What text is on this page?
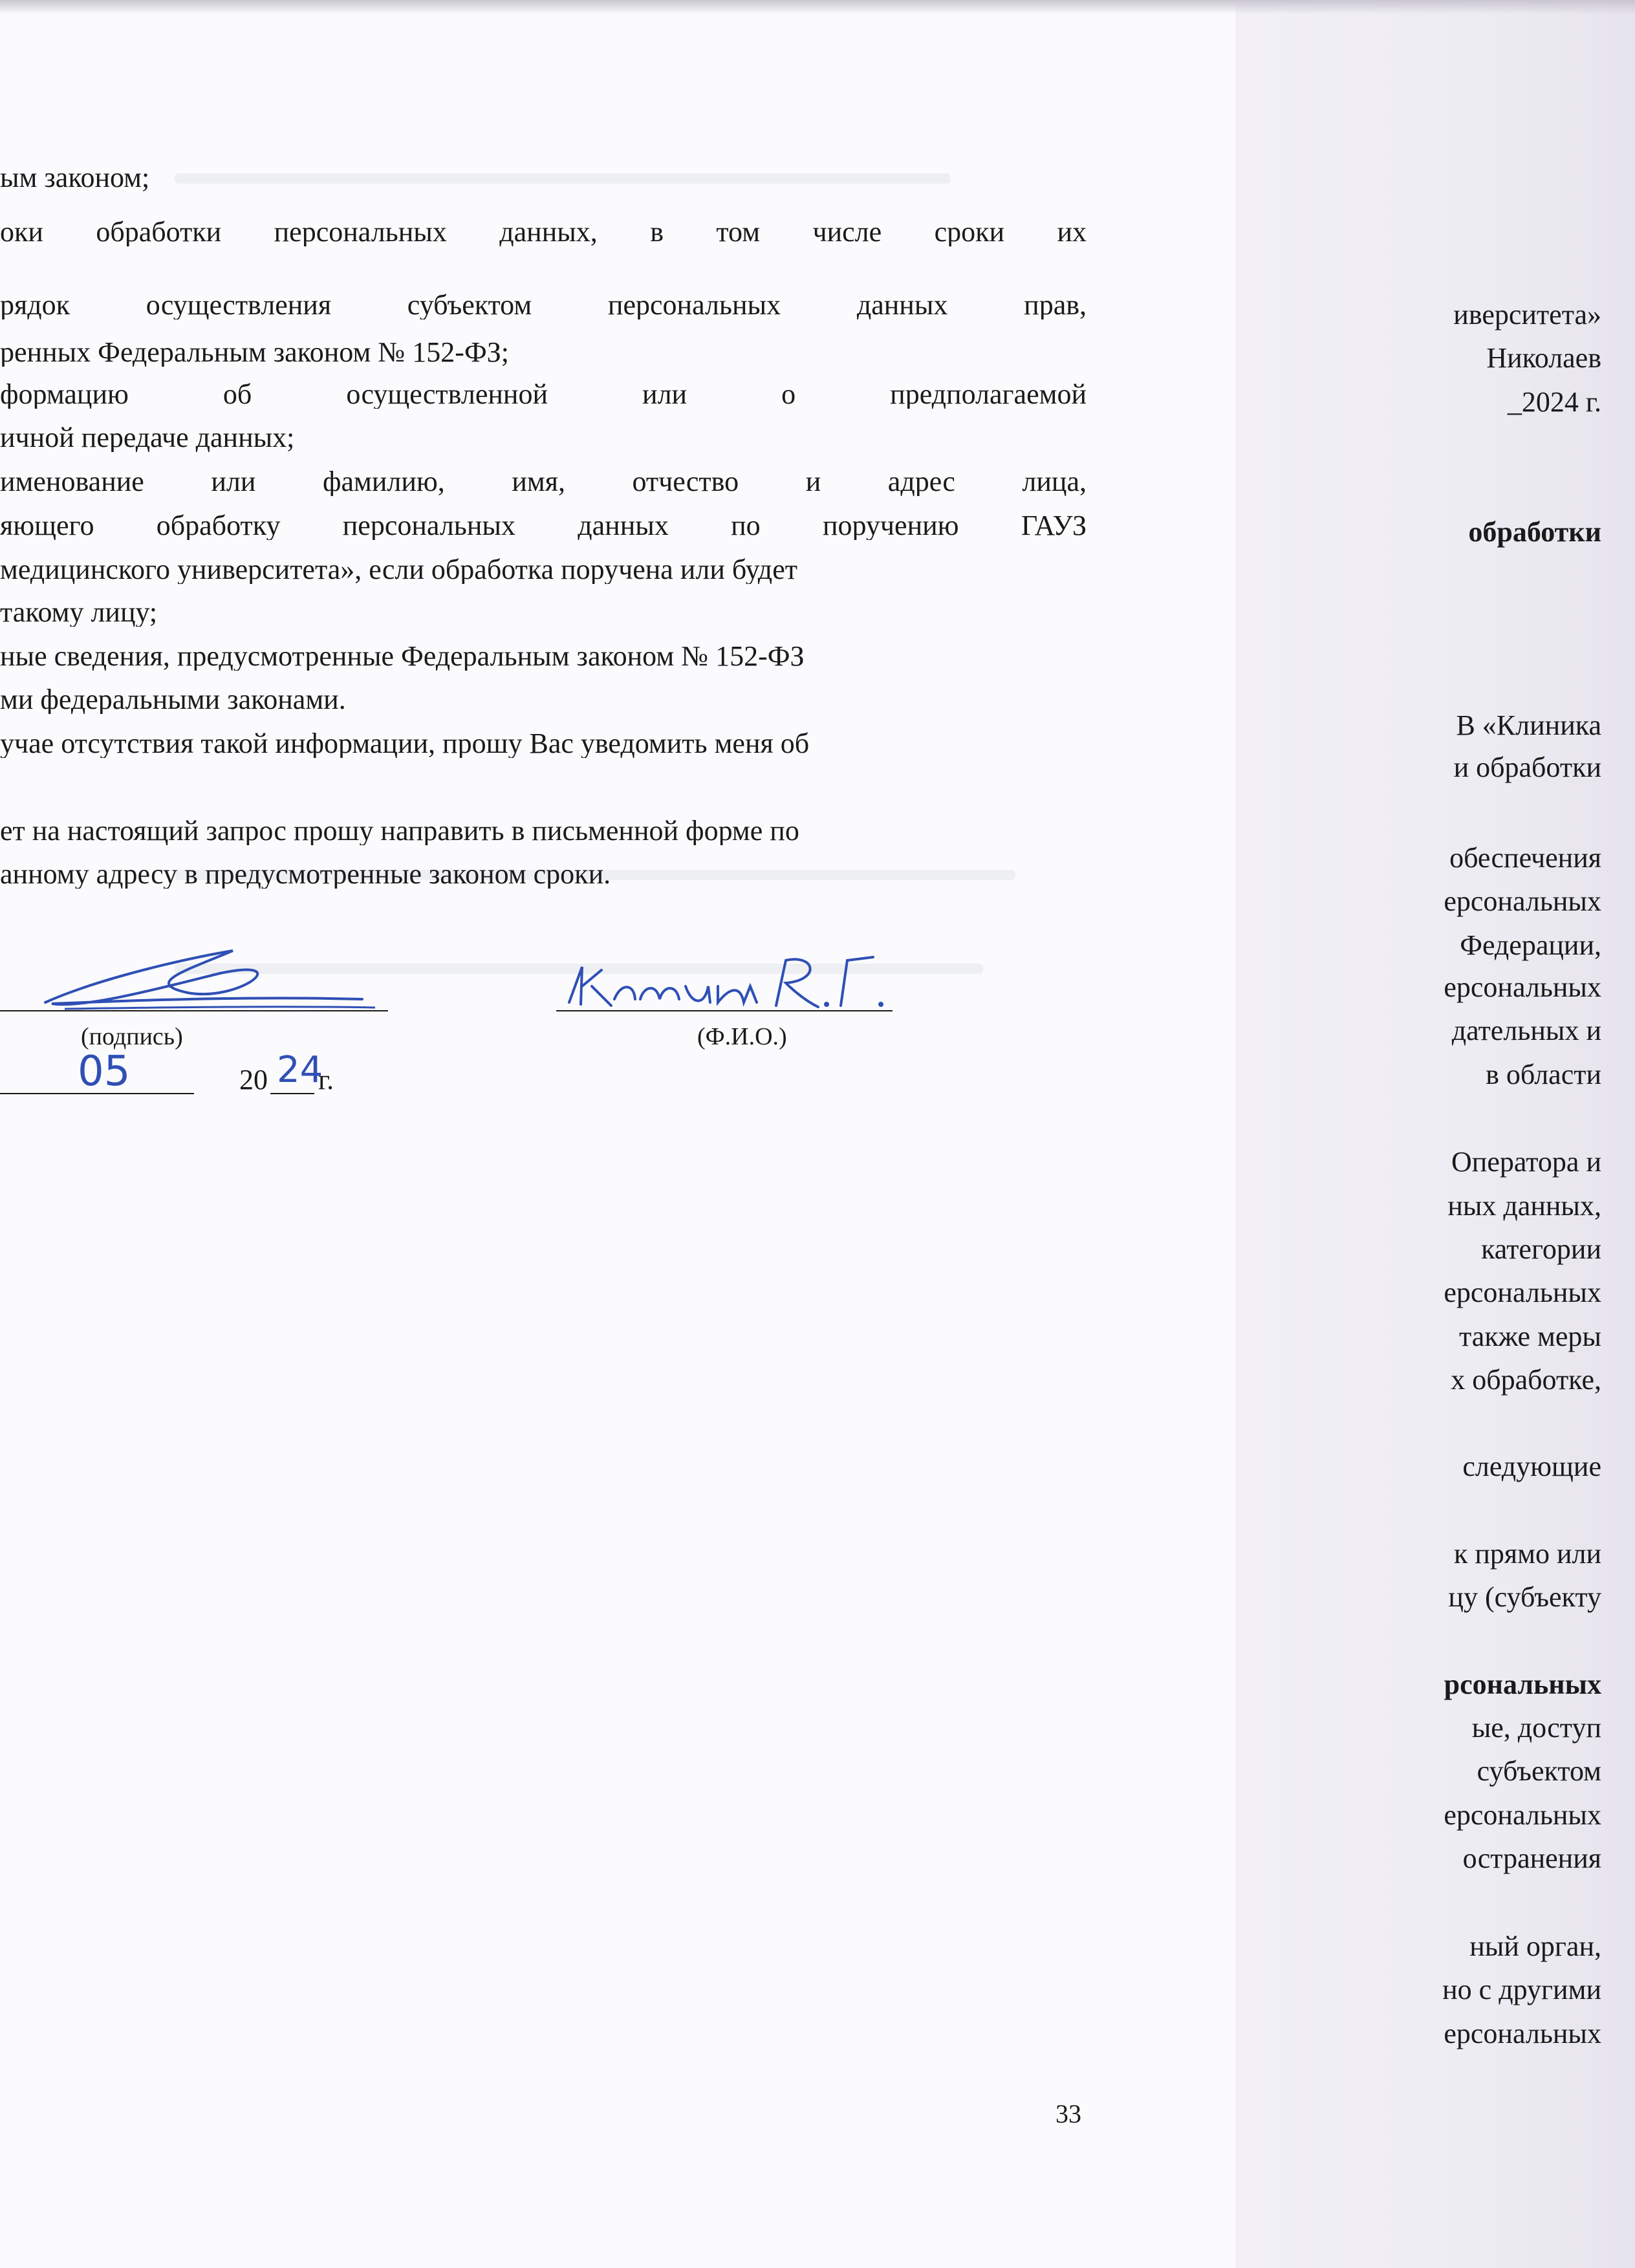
ым законом;
оки обработки персональных данных, в том числе сроки их
рядок осуществления субъектом персональных данных прав,
ренных Федеральным законом № 152-ФЗ;
формацию об осуществленной или о предполагаемой
ичной передаче данных;
именование или фамилию, имя, отчество и адрес лица,
яющего обработку персональных данных по поручению ГАУЗ
медицинского университета», если обработка поручена или будет
такому лицу;
ные сведения, предусмотренные Федеральным законом № 152-ФЗ
ми федеральными законами.
учае отсутствия такой информации, прошу Вас уведомить меня об
ет на настоящий запрос прошу направить в письменной форме по
анному адресу в предусмотренные законом сроки.
(подпись)	(Ф.И.О.)
05	20 24
г.
33
иверситета»
Николаев
_2024 г.
обработки
В «Клиника
и обработки
обеспечения
ерсональных
Федерации,
ерсональных
дательных и
в области
Оператора и
ных данных,
категории
ерсональных
также меры
х обработке,
следующие
к прямо или
цу (субъекту
рсональных
ые, доступ
субъектом
ерсональных
остранения
ный орган,
но с другими
ерсональных
